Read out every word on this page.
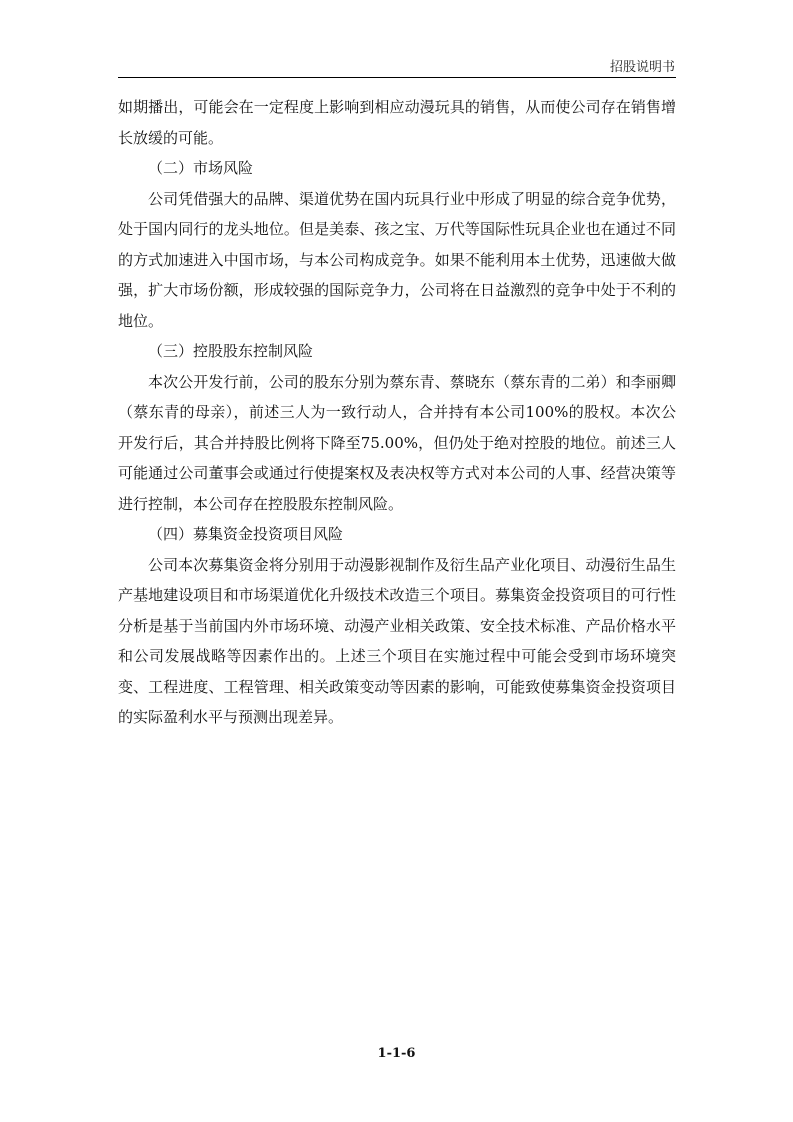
招股说明书

如期播出，可能会在一定程度上影响到相应动漫玩具的销售，从而使公司存在销售增长放缓的可能。

（二）市场风险

公司凭借强大的品牌、渠道优势在国内玩具行业中形成了明显的综合竞争优势，处于国内同行的龙头地位。但是美泰、孩之宝、万代等国际性玩具企业也在通过不同的方式加速进入中国市场，与本公司构成竞争。如果不能利用本土优势，迅速做大做强，扩大市场份额，形成较强的国际竞争力，公司将在日益激烈的竞争中处于不利的地位。

（三）控股股东控制风险

本次公开发行前，公司的股东分别为蔡东青、蔡晓东（蔡东青的二弟）和李丽卿（蔡东青的母亲），前述三人为一致行动人，合并持有本公司100%的股权。本次公开发行后，其合并持股比例将下降至75.00%，但仍处于绝对控股的地位。前述三人可能通过公司董事会或通过行使提案权及表决权等方式对本公司的人事、经营决策等进行控制，本公司存在控股股东控制风险。

（四）募集资金投资项目风险

公司本次募集资金将分别用于动漫影视制作及衍生品产业化项目、动漫衍生品生产基地建设项目和市场渠道优化升级技术改造三个项目。募集资金投资项目的可行性分析是基于当前国内外市场环境、动漫产业相关政策、安全技术标准、产品价格水平和公司发展战略等因素作出的。上述三个项目在实施过程中可能会受到市场环境突变、工程进度、工程管理、相关政策变动等因素的影响，可能致使募集资金投资项目的实际盈利水平与预测出现差异。

1-1-6
